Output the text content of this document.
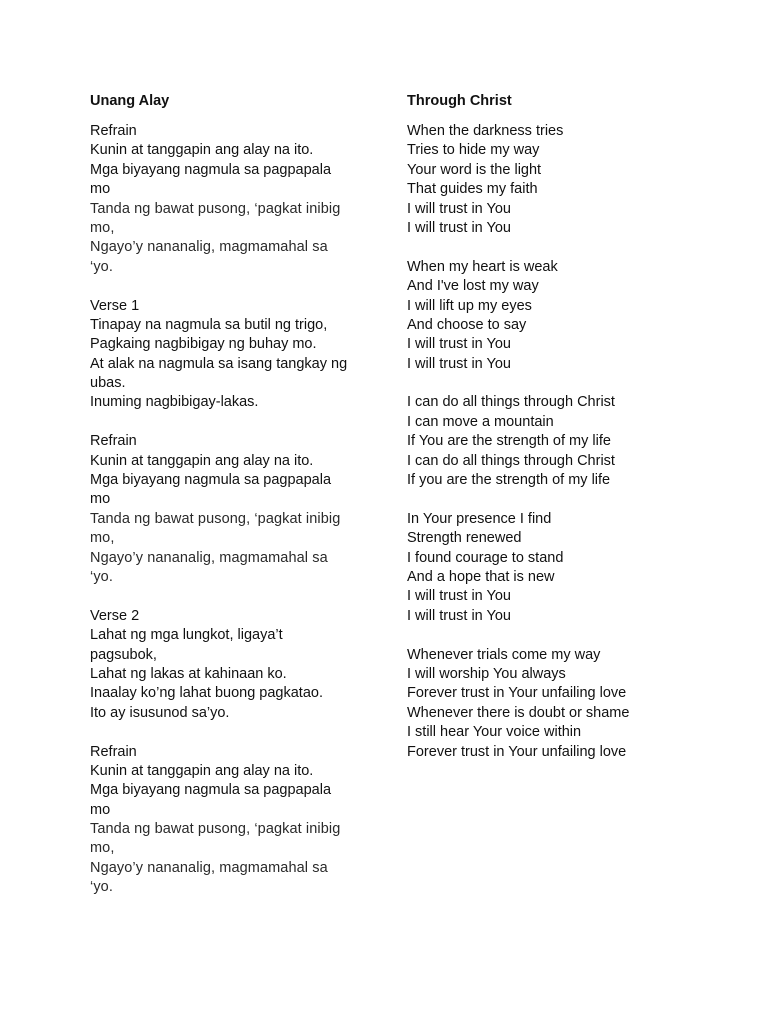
Unang Alay
Refrain
Kunin at tanggapin ang alay na ito.
Mga biyayang nagmula sa pagpapala
mo
Tanda ng bawat pusong, ‘pagkat inibig
mo,
Ngayo’y nananalig, magmamahal sa
‘yo.
Verse 1
Tinapay na nagmula sa butil ng trigo,
Pagkaing nagbibigay ng buhay mo.
At alak na nagmula sa isang tangkay ng
ubas.
Inuming nagbibigay-lakas.
Refrain
Kunin at tanggapin ang alay na ito.
Mga biyayang nagmula sa pagpapala
mo
Tanda ng bawat pusong, ‘pagkat inibig
mo,
Ngayo’y nananalig, magmamahal sa
‘yo.
Verse 2
Lahat ng mga lungkot, ligaya’t
pagsubok,
Lahat ng lakas at kahinaan ko.
Inaalay ko’ng lahat buong pagkatao.
Ito ay isusunod sa’yo.
Refrain
Kunin at tanggapin ang alay na ito.
Mga biyayang nagmula sa pagpapala
mo
Tanda ng bawat pusong, ‘pagkat inibig
mo,
Ngayo’y nananalig, magmamahal sa
‘yo.
Through Christ
When the darkness tries
Tries to hide my way
Your word is the light
That guides my faith
I will trust in You
I will trust in You
When my heart is weak
And I've lost my way
I will lift up my eyes
And choose to say
I will trust in You
I will trust in You
I can do all things through Christ
I can move a mountain
If You are the strength of my life
I can do all things through Christ
If you are the strength of my life
In Your presence I find
Strength renewed
I found courage to stand
And a hope that is new
I will trust in You
I will trust in You
Whenever trials come my way
I will worship You always
Forever trust in Your unfailing love
Whenever there is doubt or shame
I still hear Your voice within
Forever trust in Your unfailing love
